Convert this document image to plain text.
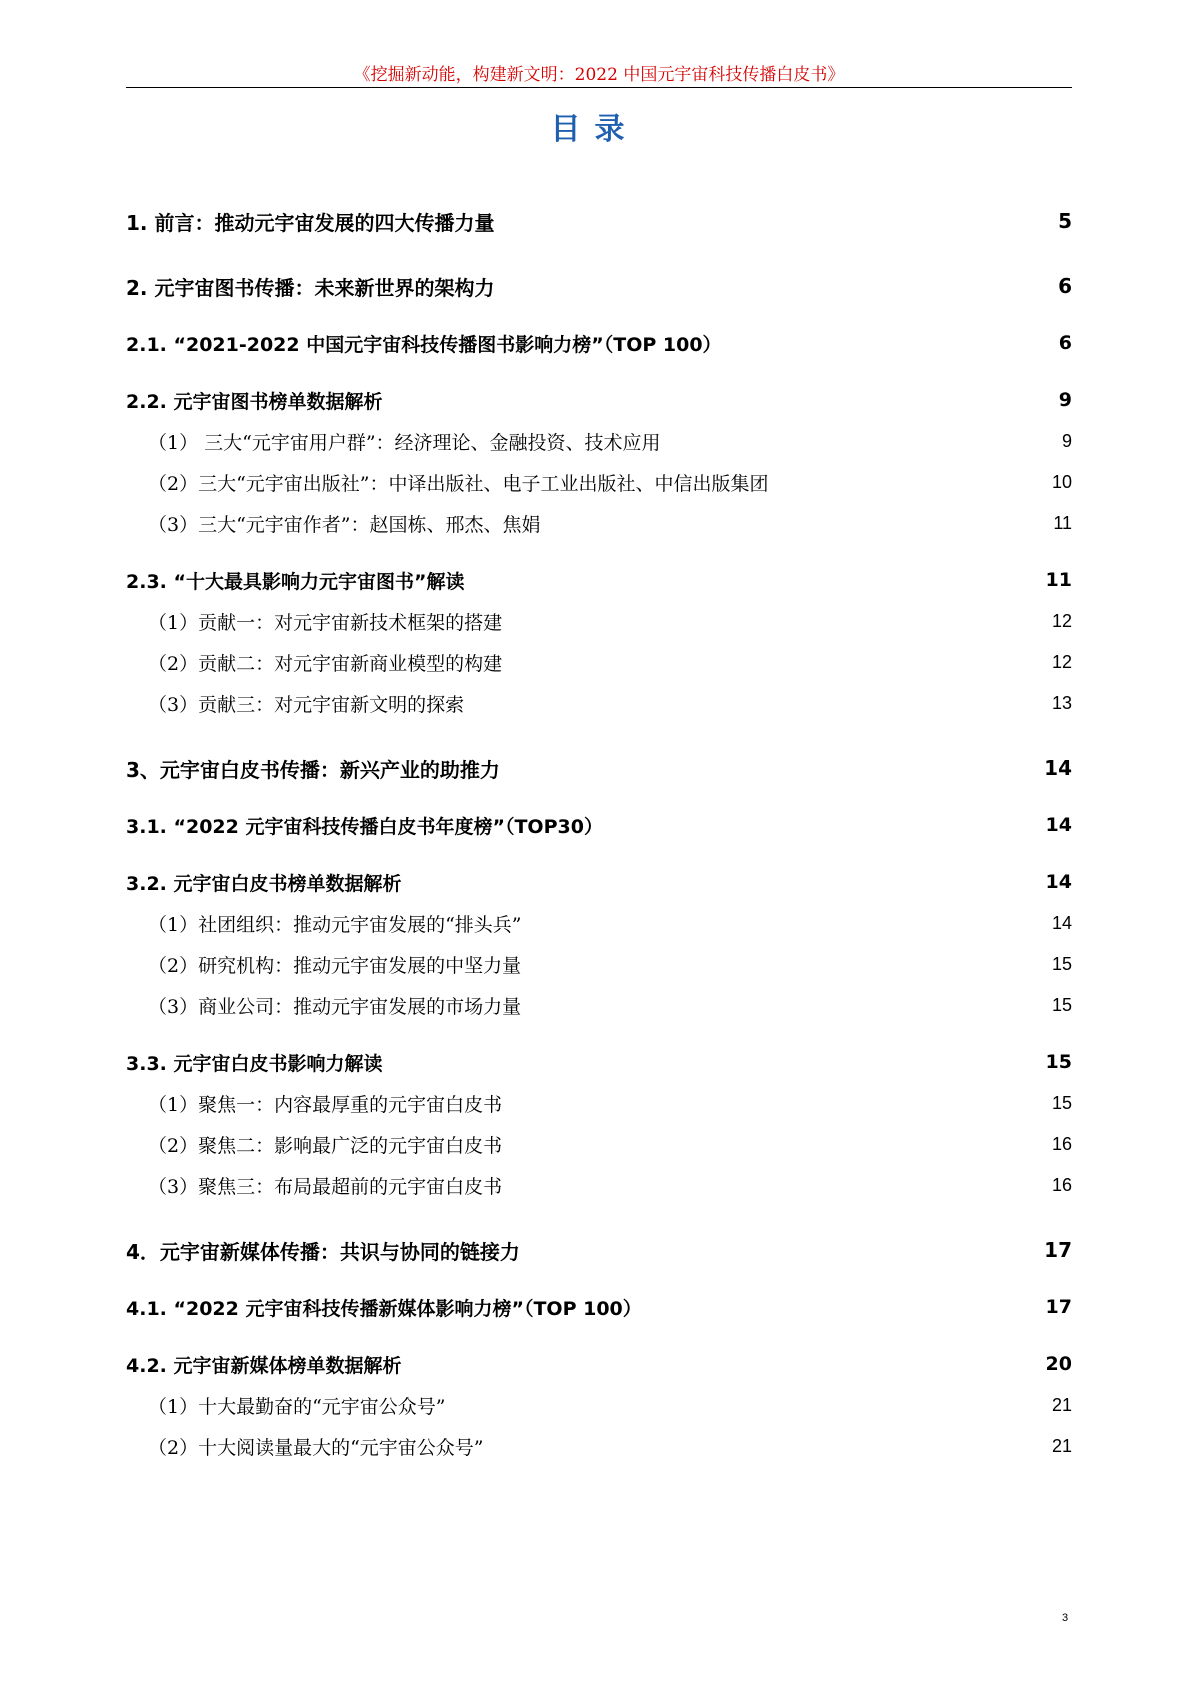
《挖掘新动能，构建新文明：2022 中国元宇宙科技传播白皮书》
目录
1. 前言：推动元宇宙发展的四大传播力量	5
2. 元宇宙图书传播：未来新世界的架构力	6
2.1. “2021-2022 中国元宇宙科技传播图书影响力榜”（TOP 100）	6
2.2. 元宇宙图书榜单数据解析	9
（1） 三大“元宇宙用户群”：经济理论、金融投资、技术应用	9
（2）三大“元宇宙出版社”：中译出版社、电子工业出版社、中信出版集团	10
（3）三大“元宇宙作者”：赵国栋、邢杰、焦娟	11
2.3. “十大最具影响力元宇宙图书”解读	11
（1）贡献一：对元宇宙新技术框架的搭建	12
（2）贡献二：对元宇宙新商业模型的构建	12
（3）贡献三：对元宇宙新文明的探索	13
3、元宇宙白皮书传播：新兴产业的助推力	14
3.1. “2022 元宇宙科技传播白皮书年度榜”（TOP30）	14
3.2. 元宇宙白皮书榜单数据解析	14
（1）社团组织：推动元宇宙发展的“排头兵”	14
（2）研究机构：推动元宇宙发展的中坚力量	15
（3）商业公司：推动元宇宙发展的市场力量	15
3.3. 元宇宙白皮书影响力解读	15
（1）聚焦一：内容最厚重的元宇宙白皮书	15
（2）聚焦二：影响最广泛的元宇宙白皮书	16
（3）聚焦三：布局最超前的元宇宙白皮书	16
4．元宇宙新媒体传播：共识与协同的链接力	17
4.1. “2022 元宇宙科技传播新媒体影响力榜”（TOP 100）	17
4.2. 元宇宙新媒体榜单数据解析	20
（1）十大最勤奋的“元宇宙公众号”	21
（2）十大阅读量最大的“元宇宙公众号”	21
3
